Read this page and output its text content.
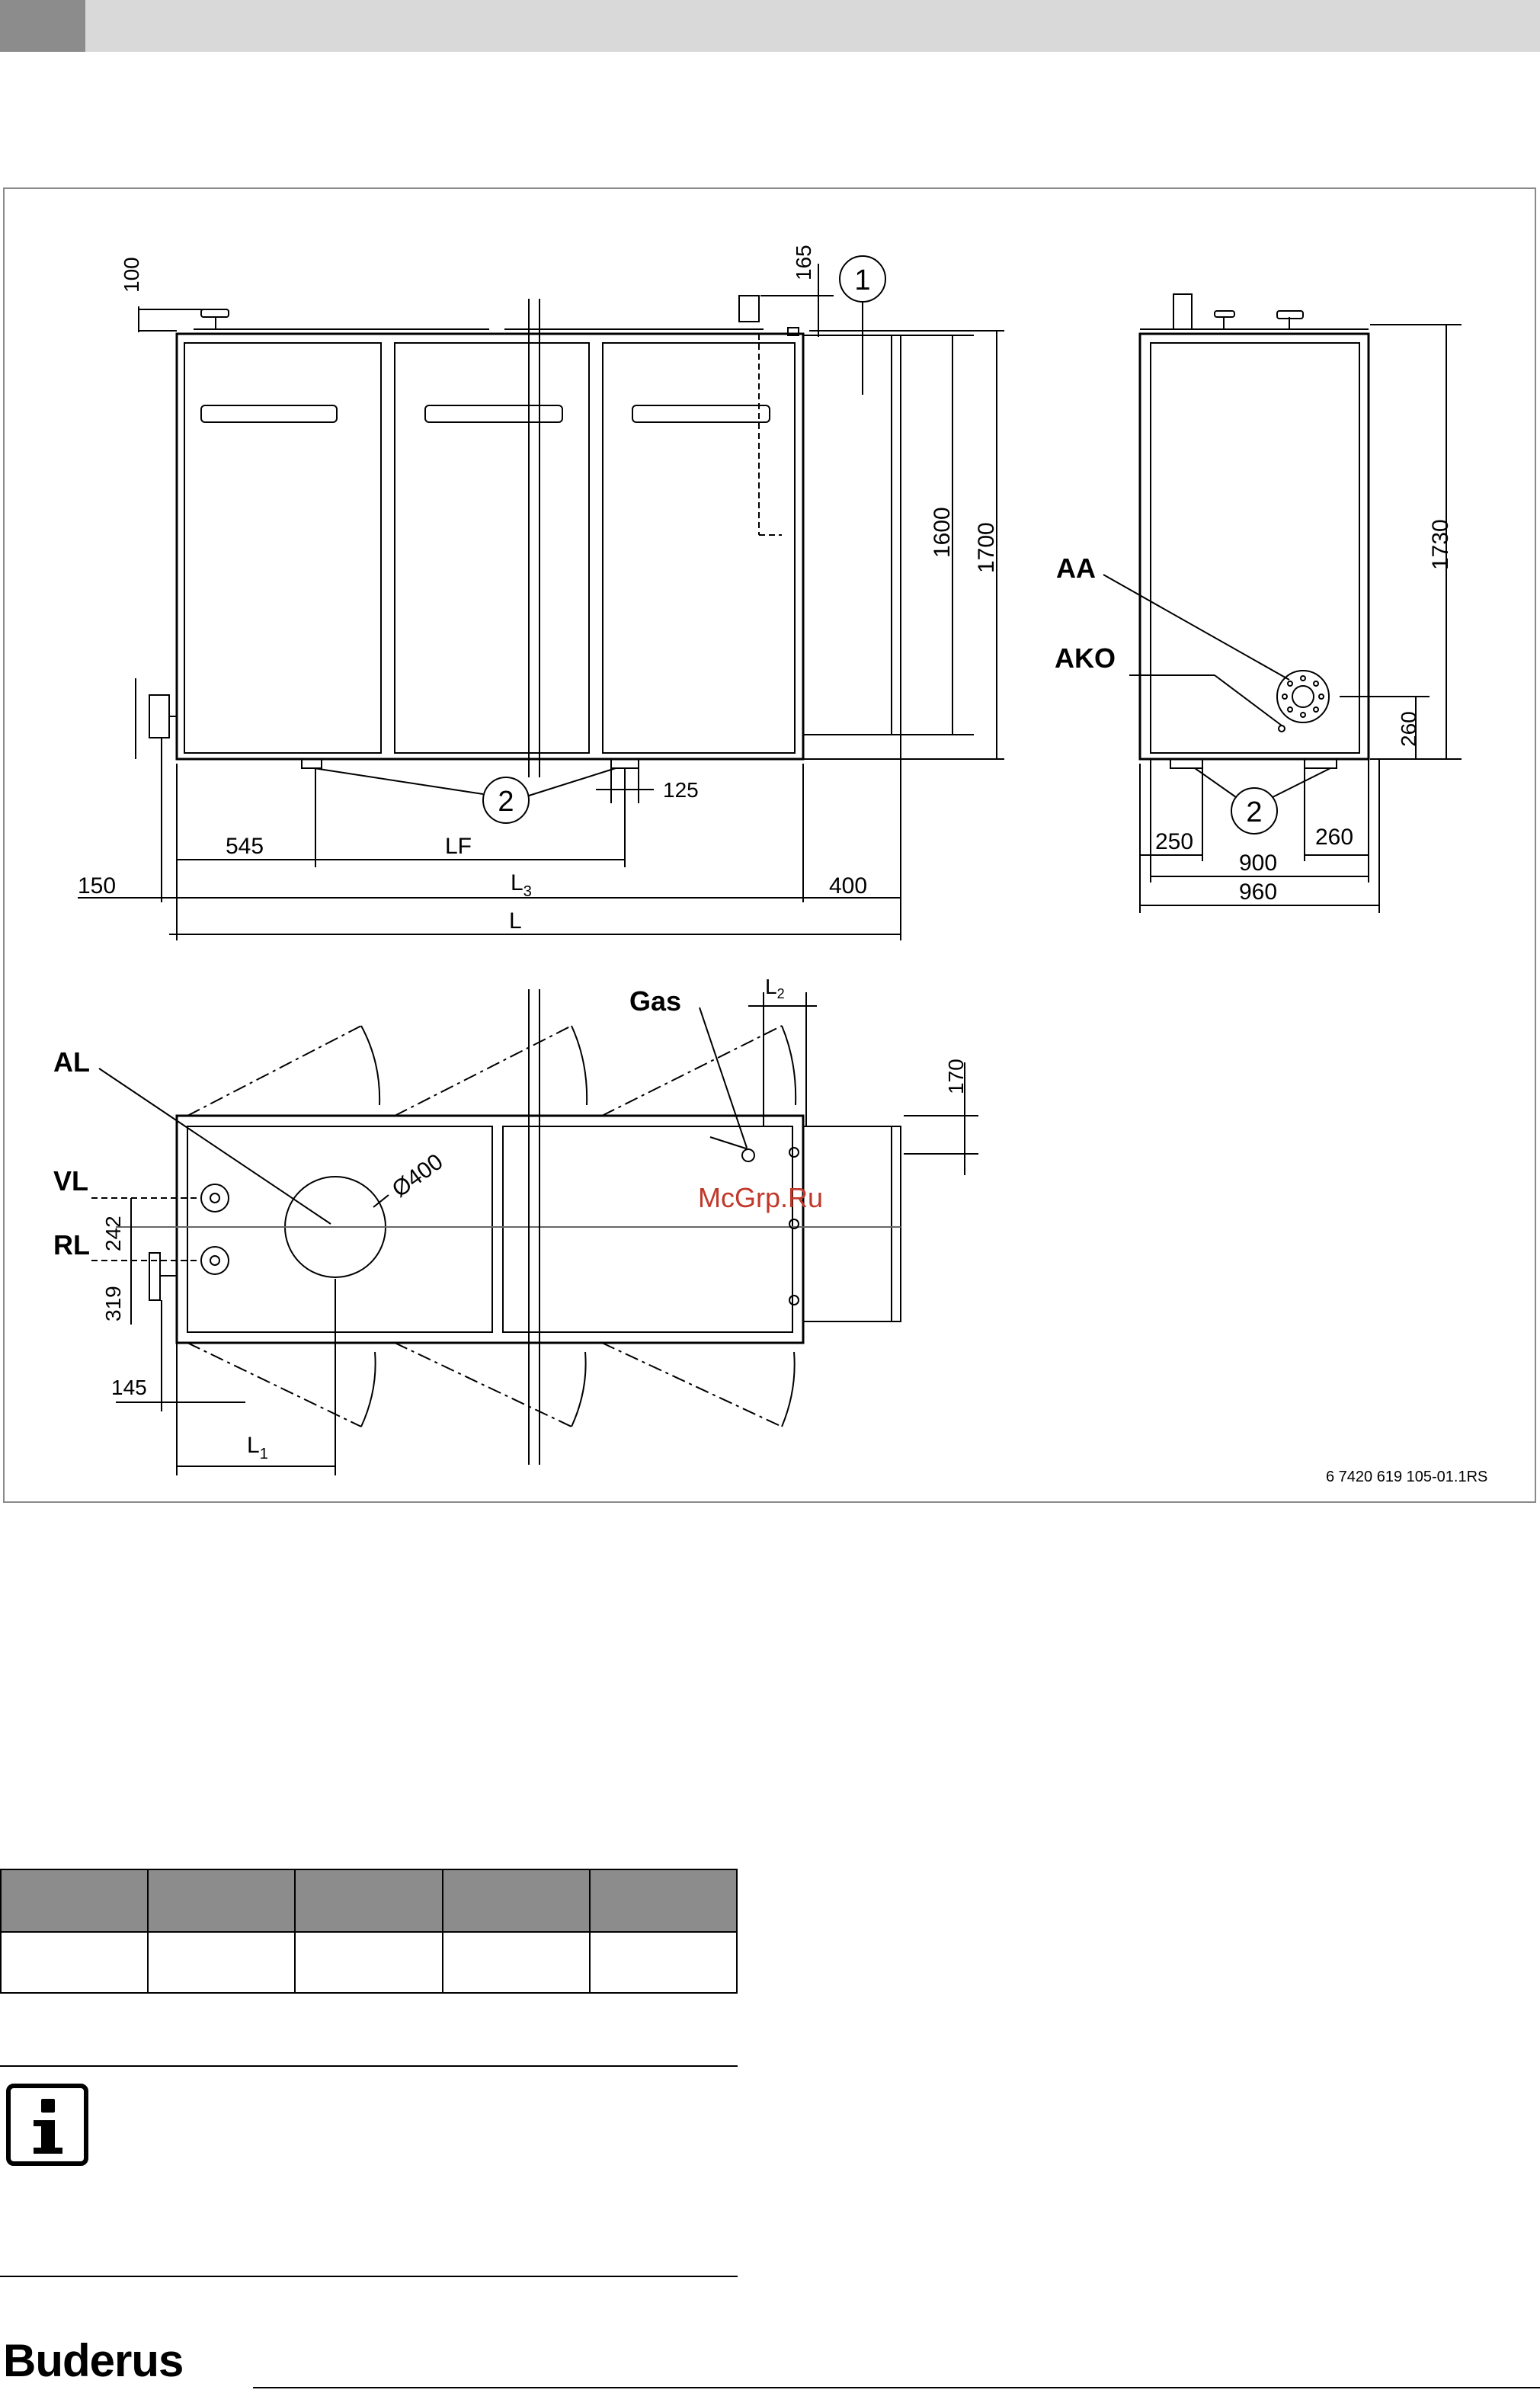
1
2
100	165
1600 1700
125
545	LF
150	$L_3$	400
L
AA
AKO
2
1730
260
250	260
900
960
AL
Ø400
VL
RL
Gas
McGrp.Ru
6 7420 619 105-01.1RS
$L_2$
170
242
319
145
$L_1$

Buderus
